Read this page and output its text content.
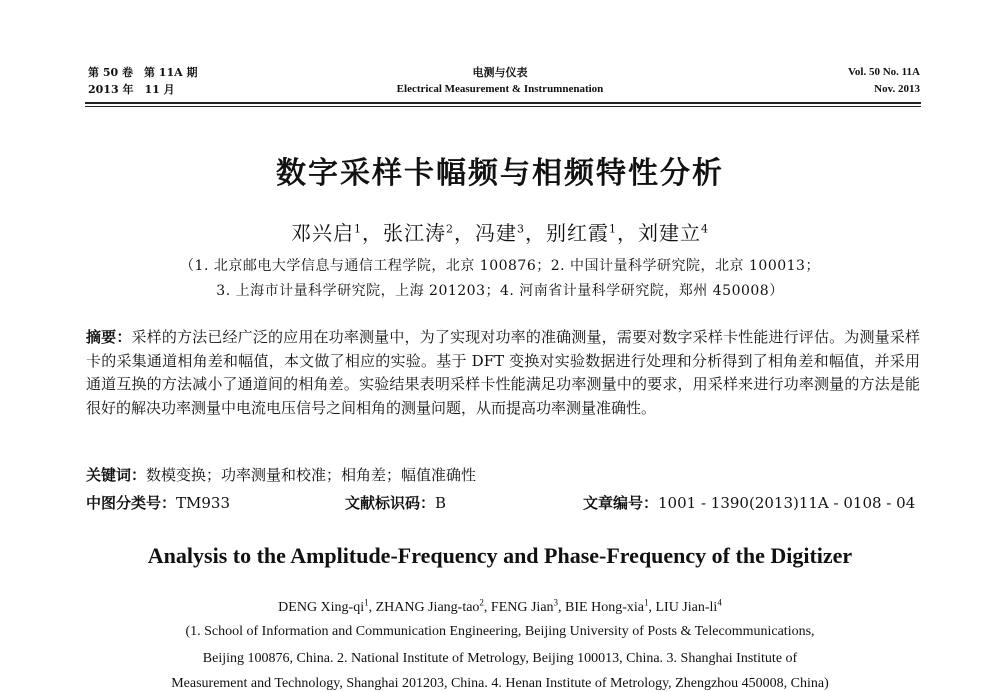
第 50 卷　第 11A 期
2013 年　11 月
电测与仪表
Electrical Measurement & Instrumnenation
Vol. 50 No. 11A
Nov. 2013
数字采样卡幅频与相频特性分析
邓兴启$^1$，张江涛$^2$，冯建$^3$，别红霞$^1$，刘建立$^4$
（1. 北京邮电大学信息与通信工程学院，北京 100876；2. 中国计量科学研究院，北京 100013；
3. 上海市计量科学研究院，上海 201203；4. 河南省计量科学研究院，郑州 450008）
摘要：采样的方法已经广泛的应用在功率测量中，为了实现对功率的准确测量，需要对数字采样卡性能进行评估。为测量采样卡的采集通道相角差和幅值，本文做了相应的实验。基于 DFT 变换对实验数据进行处理和分析得到了相角差和幅值，并采用通道互换的方法减小了通道间的相角差。实验结果表明采样卡性能满足功率测量中的要求，用采样来进行功率测量的方法是能很好的解决功率测量中电流电压信号之间相角的测量问题，从而提高功率测量准确性。
关键词：数模变换；功率测量和校准；相角差；幅值准确性
中图分类号：TM933	文献标识码：B	文章编号：1001 - 1390(2013)11A - 0108 - 04
Analysis to the Amplitude-Frequency and Phase-Frequency of the Digitizer
DENG Xing-$qi^1$, ZHANG Jiang-tao$^2$, FENG Jian$^3$, BIE Hong-xia$^1$, LIU Jian-$li^4$
(1. School of Information and Communication Engineering, Beijing University of Posts & Telecommunications,
Beijing 100876, China. 2. National Institute of Metrology, Beijing 100013, China. 3. Shanghai Institute of
Measurement and Technology, Shanghai 201203, China. 4. Henan Institute of Metrology, Zhengzhou 450008, China)
